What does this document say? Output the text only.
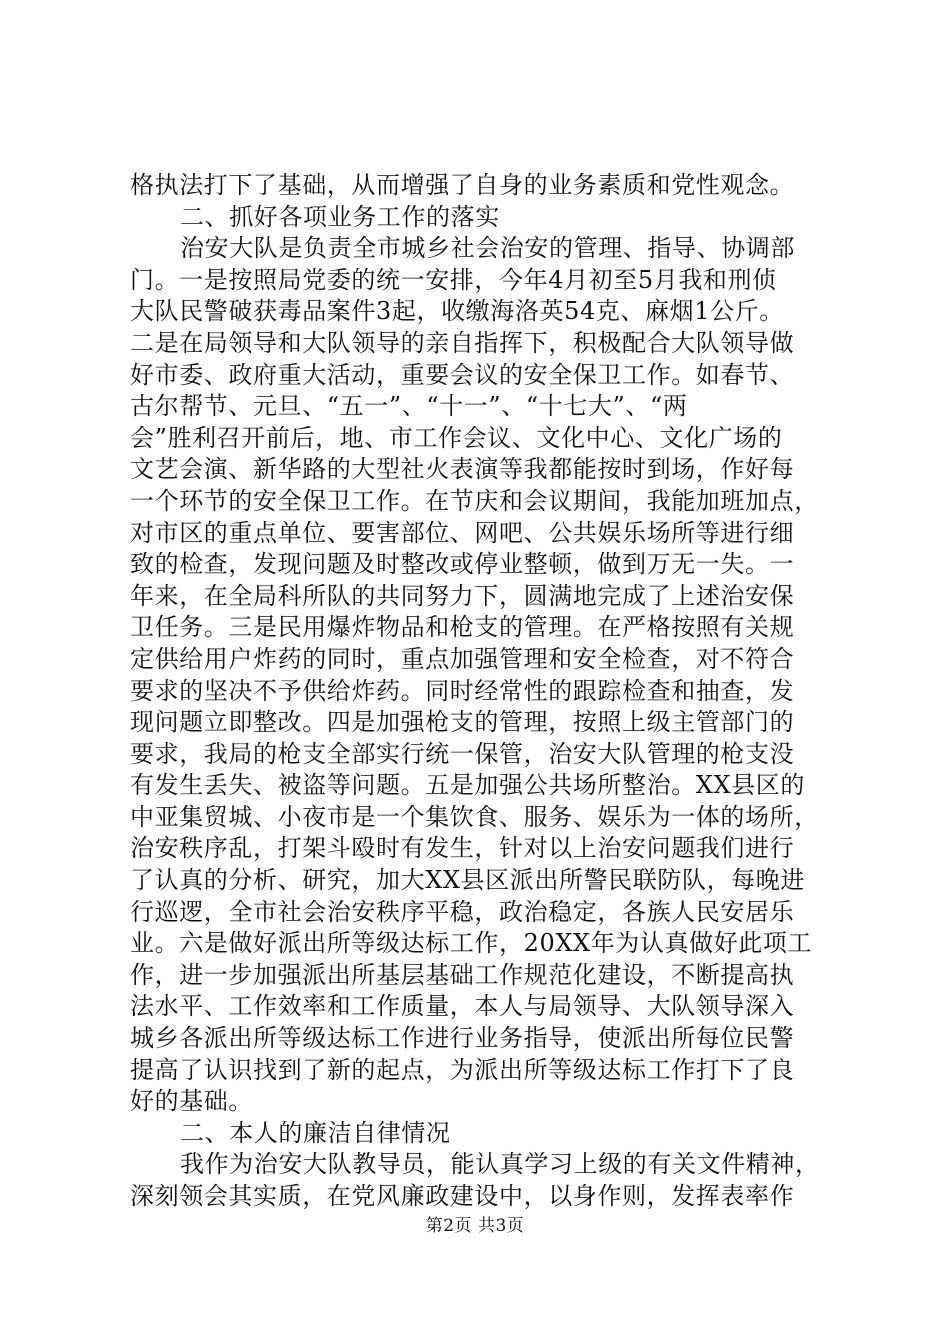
格执法打下了基础，从而增强了自身的业务素质和党性观念。
二、抓好各项业务工作的落实
治安大队是负责全市城乡社会治安的管理、指导、协调部
门。一是按照局党委的统一安排，今年4月初至5月我和刑侦
大队民警破获毒品案件3起，收缴海洛英54克、麻烟1公斤。
二是在局领导和大队领导的亲自指挥下，积极配合大队领导做
好市委、政府重大活动，重要会议的安全保卫工作。如春节、
古尔帮节、元旦、“五一”、“十一”、“十七大”、“两
会”胜利召开前后，地、市工作会议、文化中心、文化广场的
文艺会演、新华路的大型社火表演等我都能按时到场，作好每
一个环节的安全保卫工作。在节庆和会议期间，我能加班加点，
对市区的重点单位、要害部位、网吧、公共娱乐场所等进行细
致的检查，发现问题及时整改或停业整顿，做到万无一失。一
年来，在全局科所队的共同努力下，圆满地完成了上述治安保
卫任务。三是民用爆炸物品和枪支的管理。在严格按照有关规
定供给用户炸药的同时，重点加强管理和安全检查，对不符合
要求的坚决不予供给炸药。同时经常性的跟踪检查和抽查，发
现问题立即整改。四是加强枪支的管理，按照上级主管部门的
要求，我局的枪支全部实行统一保管，治安大队管理的枪支没
有发生丢失、被盗等问题。五是加强公共场所整治。XX县区的
中亚集贸城、小夜市是一个集饮食、服务、娱乐为一体的场所，
治安秩序乱，打架斗殴时有发生，针对以上治安问题我们进行
了认真的分析、研究，加大XX县区派出所警民联防队，每晚进
行巡逻，全市社会治安秩序平稳，政治稳定，各族人民安居乐
业。六是做好派出所等级达标工作，20XX年为认真做好此项工
作，进一步加强派出所基层基础工作规范化建设，不断提高执
法水平、工作效率和工作质量，本人与局领导、大队领导深入
城乡各派出所等级达标工作进行业务指导，使派出所每位民警
提高了认识找到了新的起点，为派出所等级达标工作打下了良
好的基础。
二、本人的廉洁自律情况
我作为治安大队教导员，能认真学习上级的有关文件精神，
深刻领会其实质，在党风廉政建设中，以身作则，发挥表率作
第2页 共3页
